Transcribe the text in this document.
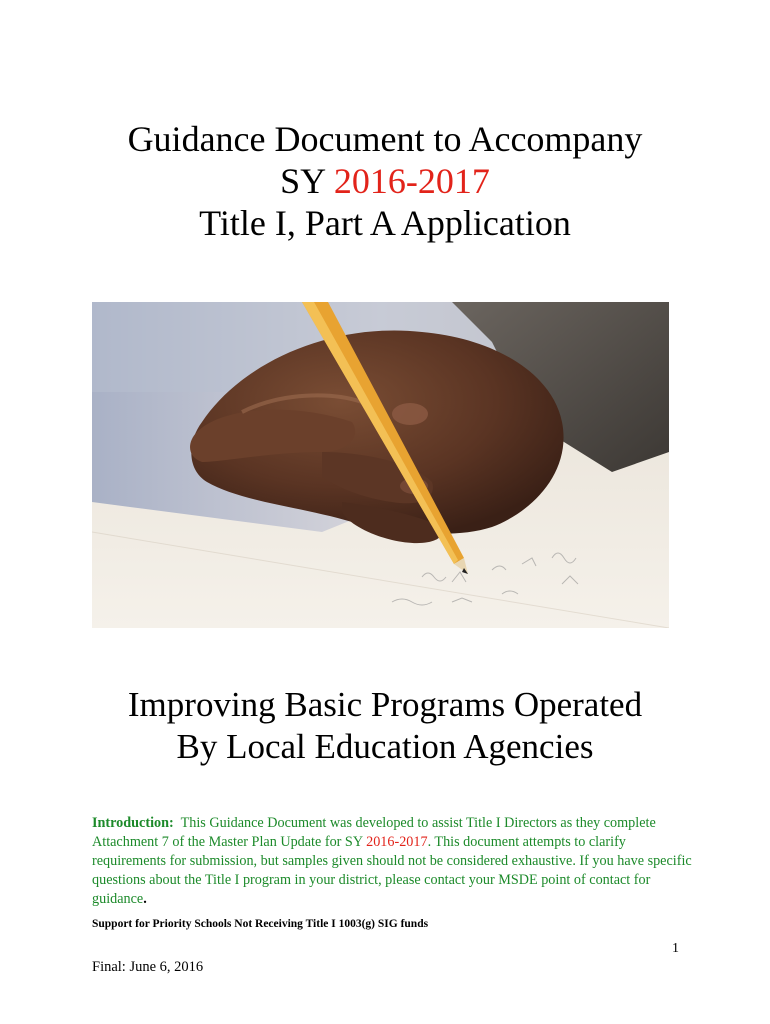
Guidance Document to Accompany
SY 2016-2017
Title I, Part A Application
Improving Basic Programs Operated
By Local Education Agencies
Introduction: This Guidance Document was developed to assist Title I Directors as they complete Attachment 7 of the Master Plan Update for SY 2016-2017. This document attempts to clarify requirements for submission, but samples given should not be considered exhaustive. If you have specific questions about the Title I program in your district, please contact your MSDE point of contact for guidance.
Support for Priority Schools Not Receiving Title I 1003(g) SIG funds
1
Final: June 6, 2016
